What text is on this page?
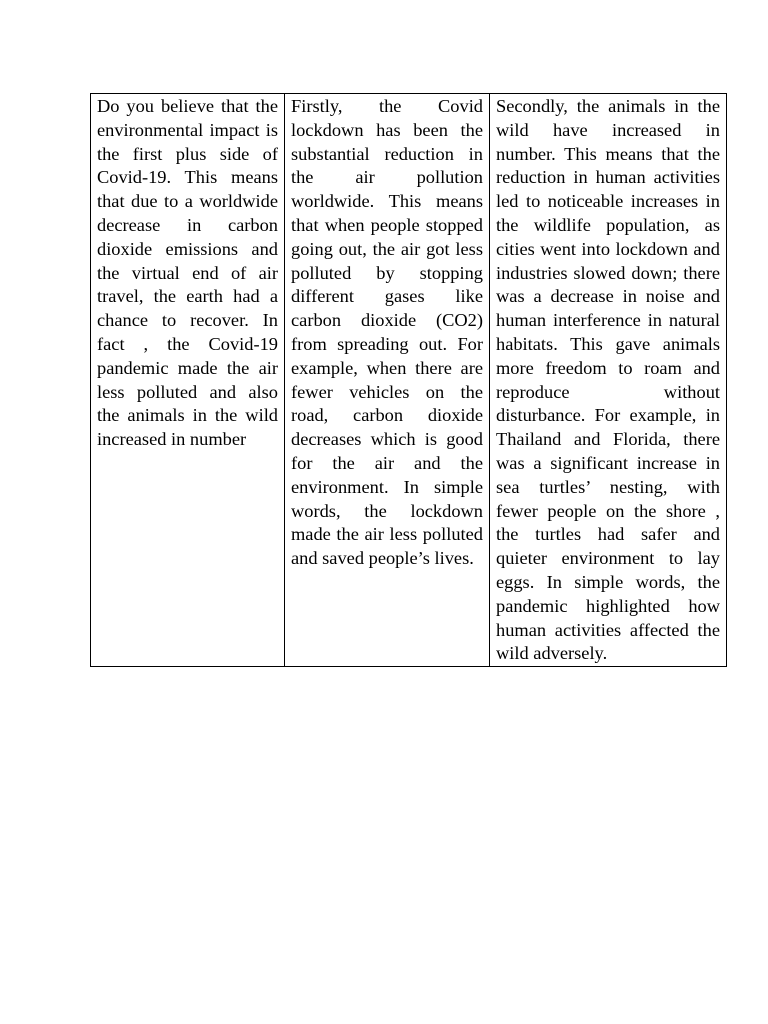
Do you believe that the environmental impact is the first plus side of Covid-19. This means that due to a worldwide decrease in carbon dioxide emissions and the virtual end of air travel, the earth had a chance to recover. In fact , the Covid-19 pandemic made the air less polluted and also the animals in the wild increased in number	Firstly, the Covid lockdown has been the substantial reduction in the air pollution worldwide. This means that when people stopped going out, the air got less polluted by stopping different gases like carbon dioxide (CO2) from spreading out. For example, when there are fewer vehicles on the road, carbon dioxide decreases which is good for the air and the environment. In simple words, the lockdown made the air less polluted and saved people’s lives.	Secondly, the animals in the wild have increased in number. This means that the reduction in human activities led to noticeable increases in the wildlife population, as cities went into lockdown and industries slowed down; there was a decrease in noise and human interference in natural habitats. This gave animals more freedom to roam and reproduce without disturbance. For example, in Thailand and Florida, there was a significant increase in sea turtles’ nesting, with fewer people on the shore , the turtles had safer and quieter environment to lay eggs. In simple words, the pandemic highlighted how human activities affected the wild adversely.
